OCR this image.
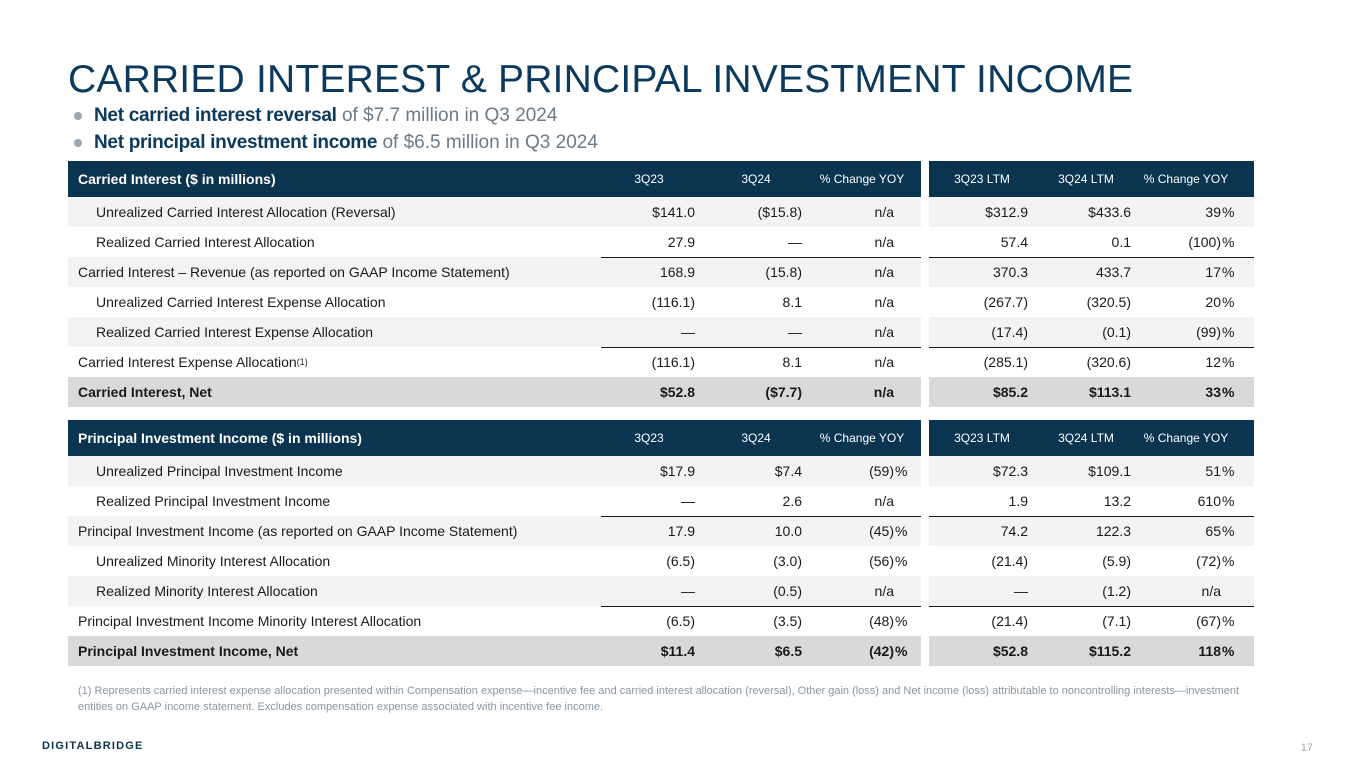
CARRIED INTEREST & PRINCIPAL INVESTMENT INCOME
Net carried interest reversal of $7.7 million in Q3 2024
Net principal investment income of $6.5 million in Q3 2024
Carried Interest ($ in millions)	3Q23	3Q24	% Change YOY	3Q23 LTM	3Q24 LTM	% Change YOY
Unrealized Carried Interest Allocation (Reversal)	$141.0	($15.8)	n/a	$312.9	$433.6	39 %
Realized Carried Interest Allocation	27.9	—	n/a	57.4	0.1	(100) %
Carried Interest – Revenue (as reported on GAAP Income Statement)	168.9	(15.8)	n/a	370.3	433.7	17 %
Unrealized Carried Interest Expense Allocation	(116.1)	8.1	n/a	(267.7)	(320.5)	20 %
Realized Carried Interest Expense Allocation	—	—	n/a	(17.4)	(0.1)	(99) %
Carried Interest Expense Allocation (1)	(116.1)	8.1	n/a	(285.1)	(320.6)	12 %
Carried Interest, Net	$52.8	($7.7)	n/a	$85.2	$113.1	33 %
Principal Investment Income ($ in millions)	3Q23	3Q24	% Change YOY	3Q23 LTM	3Q24 LTM	% Change YOY
Unrealized Principal Investment Income	$17.9	$7.4	(59) %	$72.3	$109.1	51 %
Realized Principal Investment Income	—	2.6	n/a	1.9	13.2	610 %
Principal Investment Income (as reported on GAAP Income Statement)	17.9	10.0	(45) %	74.2	122.3	65 %
Unrealized Minority Interest Allocation	(6.5)	(3.0)	(56) %	(21.4)	(5.9)	(72) %
Realized Minority Interest Allocation	—	(0.5)	n/a	—	(1.2)	n/a
Principal Investment Income Minority Interest Allocation	(6.5)	(3.5)	(48) %	(21.4)	(7.1)	(67) %
Principal Investment Income, Net	$11.4	$6.5	(42) %	$52.8	$115.2	118 %
(1) Represents carried interest expense allocation presented within Compensation expense—incentive fee and carried interest allocation (reversal), Other gain (loss) and Net income (loss) attributable to noncontrolling interests—investment entities on GAAP income statement. Excludes compensation expense associated with incentive fee income.
DIGITALBRIDGE	17
